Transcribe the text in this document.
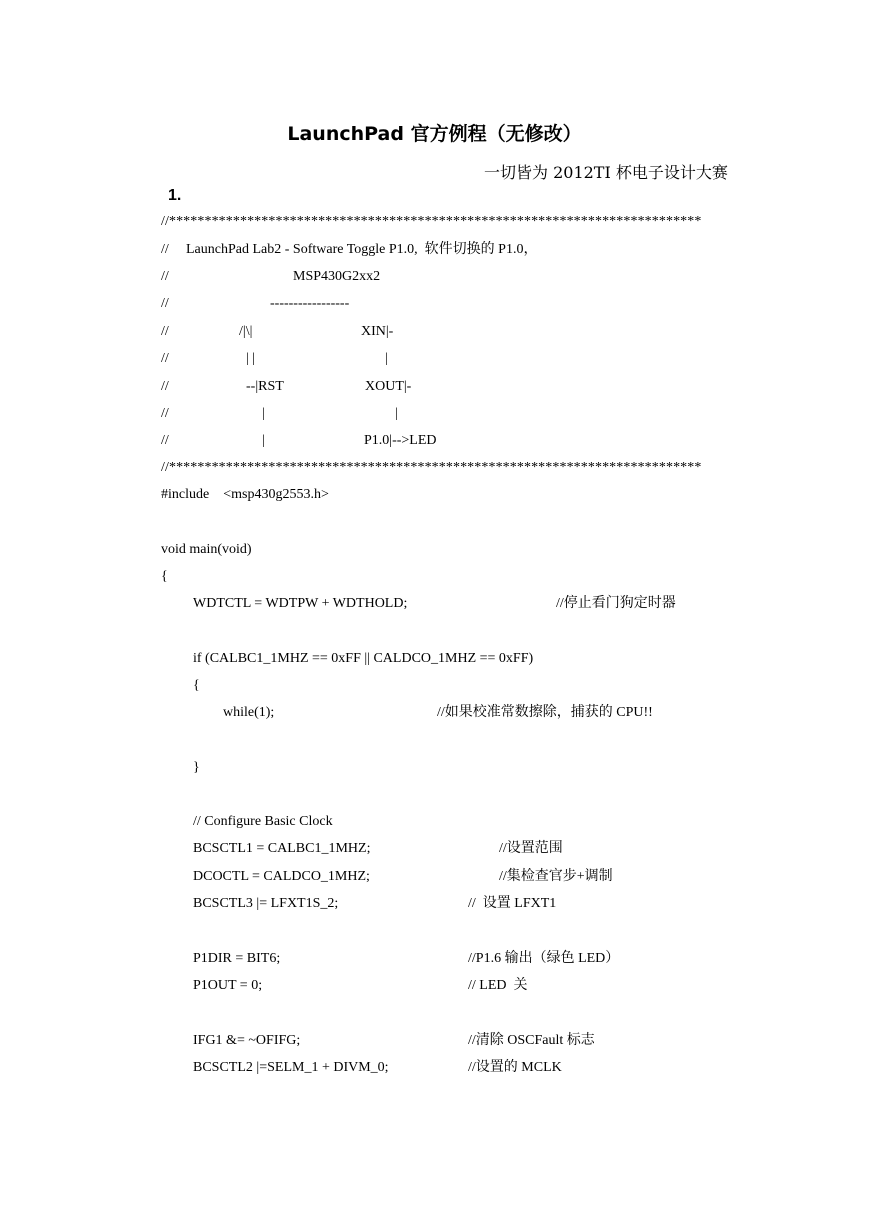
LaunchPad 官方例程（无修改）
一切皆为 2012TI 杯电子设计大赛
1.
//***************************************************************************
// LaunchPad Lab2 - Software Toggle P1.0,  软件切换的 P1.0，
//	MSP430G2xx2
//	-----------------
//	/|\|	XIN|-
//	| |	|
//	--|RST	XOUT|-
//	|	|
//	|	P1.0|-->LED
//***************************************************************************
#include    <msp430g2553.h>
void main(void)
{
WDTCTL = WDTPW + WDTHOLD;	//停止看门狗定时器
if (CALBC1_1MHZ == 0xFF || CALDCO_1MHZ == 0xFF)
{
while(1);	//如果校准常数擦除，捕获的 CPU!!
}
// Configure Basic Clock
BCSCTL1 = CALBC1_1MHZ;	//设置范围
DCOCTL = CALDCO_1MHZ;	//集检查官步+调制
BCSCTL3 |= LFXT1S_2;	//  设置 LFXT1
P1DIR = BIT6;	//P1.6 输出（绿色 LED）
P1OUT = 0;	// LED  关
IFG1 &= ~OFIFG;	//清除 OSCFault 标志
BCSCTL2 |=SELM_1 + DIVM_0;	//设置的 MCLK
